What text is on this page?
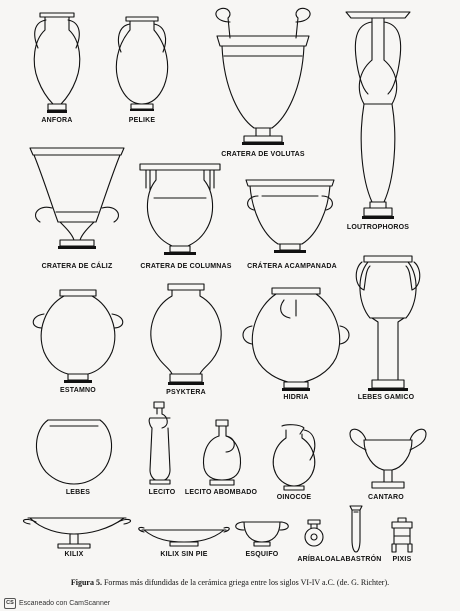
ANFORA	PELIKE
CRATERA DE VOLUTAS
LOUTROPHOROS
CRATERA DE CÁLIZ	CRATERA DE COLUMNAS CRÁTERA ACAMPANADA
ESTAMNO	PSYKTERA
HIDRIA	LEBES GAMICO
LEBES	LECITO LECITO ABOMBADO
OINOCOE	CANTARO
KILIX	KILIX SIN PIE	ESQUIFO
ARÍBALO ALABASTRÓN PIXIS
Figura 5. Formas más difundidas de la cerámica griega entre los siglos VI-IV a.C. (de. G. Richter).
CS Escaneado con CamScanner
